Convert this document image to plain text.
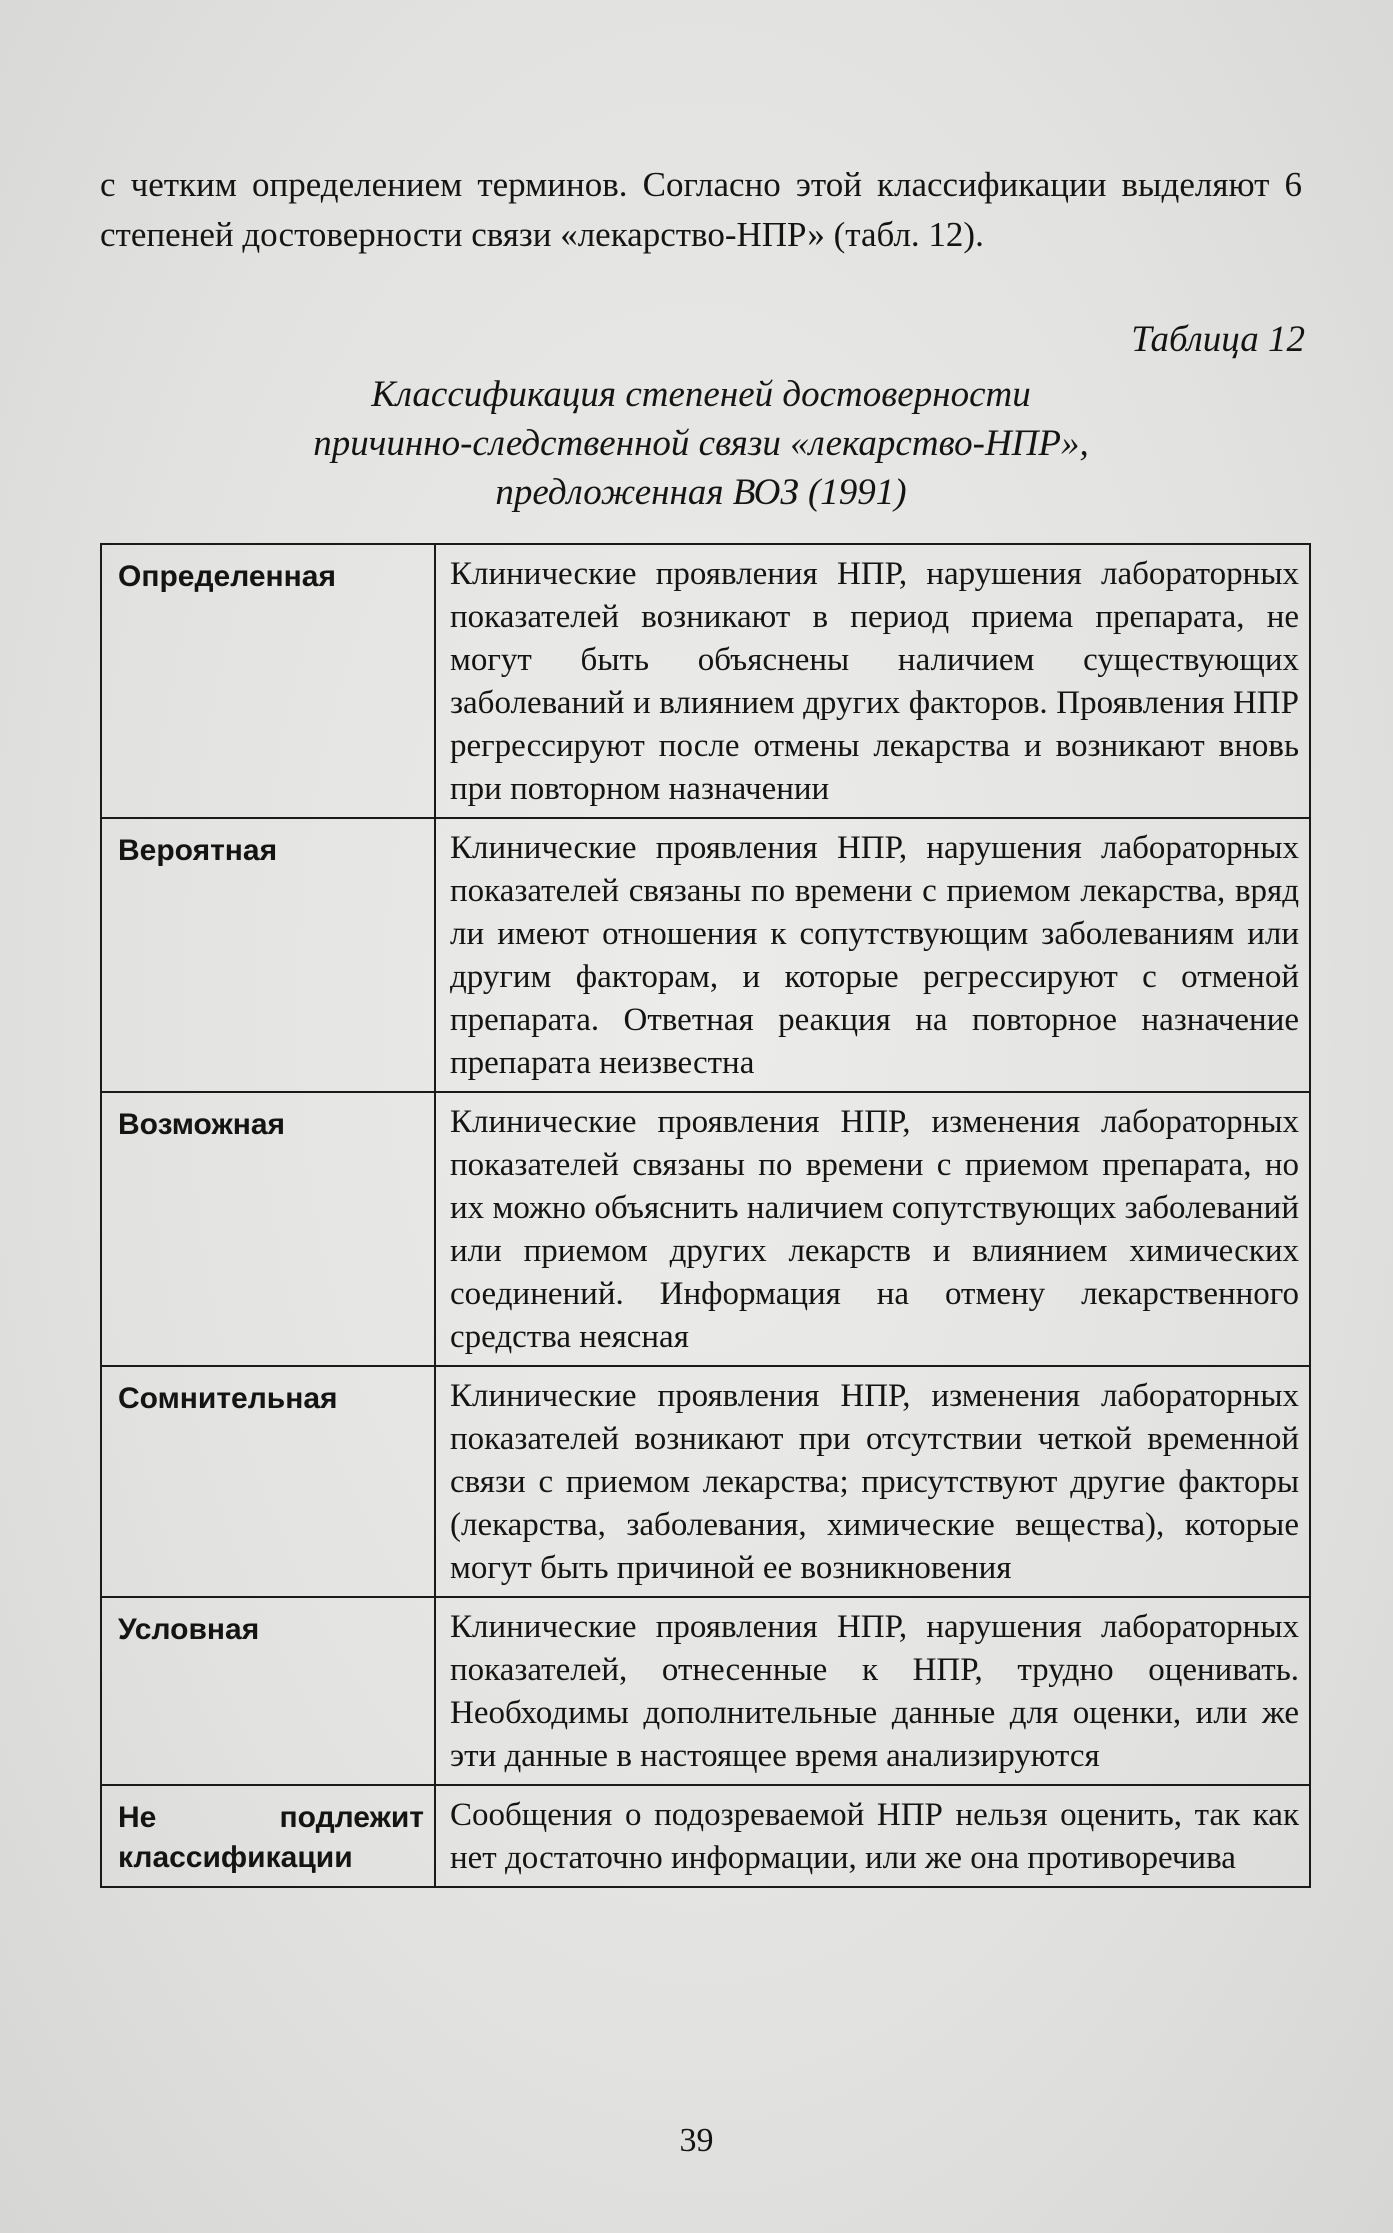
с четким определением терминов. Согласно этой классификации выделяют 6 степеней достоверности связи «лекарство-НПР» (табл. 12).

Таблица 12

Классификация степеней достоверности
причинно-следственной связи «лекарство-НПР»,
предложенная ВОЗ (1991)
Определенная	Клинические проявления НПР, нарушения лабораторных показателей возникают в период приема препарата, не могут быть объяснены наличием существующих заболеваний и влиянием других факторов. Проявления НПР регрессируют после отмены лекарства и возникают вновь при повторном назначении
Вероятная	Клинические проявления НПР, нарушения лабораторных показателей связаны по времени с приемом лекарства, вряд ли имеют отношения к сопутствующим заболеваниям или другим факторам, и которые регрессируют с отменой препарата. Ответная реакция на повторное назначение препарата неизвестна
Возможная	Клинические проявления НПР, изменения лабораторных показателей связаны по времени с приемом препарата, но их можно объяснить наличием сопутствующих заболеваний или приемом других лекарств и влиянием химических соединений. Информация на отмену лекарственного средства неясная
Сомнительная	Клинические проявления НПР, изменения лабораторных показателей возникают при отсутствии четкой временной связи с приемом лекарства; присутствуют другие факторы (лекарства, заболевания, химические вещества), которые могут быть причиной ее возникновения
Условная	Клинические проявления НПР, нарушения лабораторных показателей, отнесенные к НПР, трудно оценивать. Необходимы дополнительные данные для оценки, или же эти данные в настоящее время анализируются
Не подлежит классификации	Сообщения о подозреваемой НПР нельзя оценить, так как нет достаточно информации, или же она противоречива

39
